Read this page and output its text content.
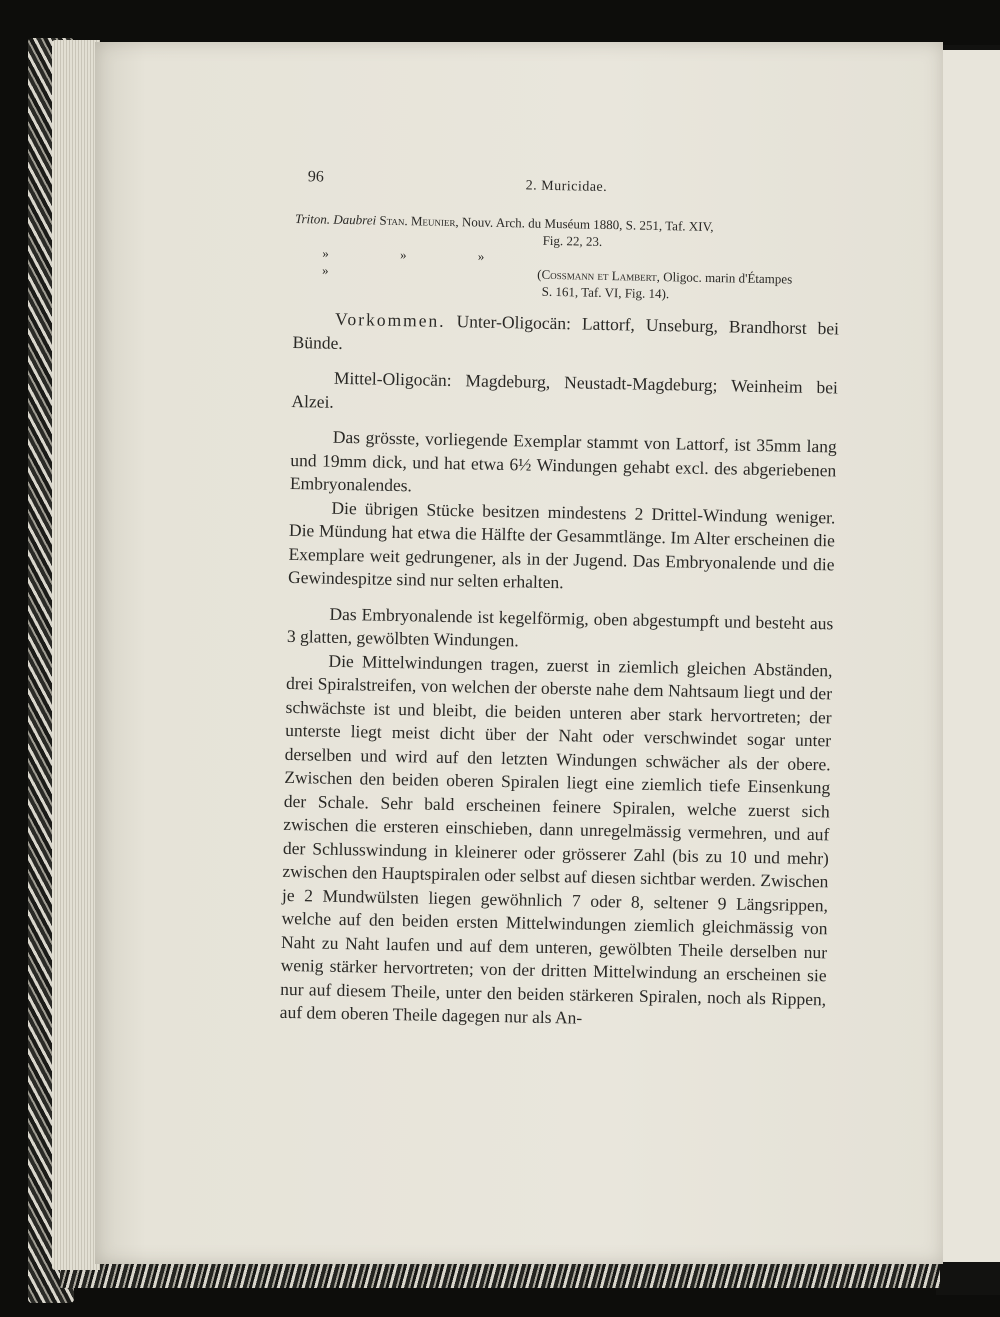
96
2. Muricidae.
Triton. Daubrei Stan. Meunier, Nouv. Arch. du Muséum 1880, S. 251, Taf. XIV,
Fig. 22, 23.
» » » »	(Cossmann et Lambert, Oligoc. marin d'Étampes
S. 161, Taf. VI, Fig. 14).

Vorkommen. Unter-Oligocän: Lattorf, Unseburg, Brandhorst bei Bünde.

Mittel-Oligocän: Magdeburg, Neustadt-Magdeburg; Weinheim bei Alzei.

Das grösste, vorliegende Exemplar stammt von Lattorf, ist 35mm lang und 19mm dick, und hat etwa 6½ Windungen gehabt excl. des abgeriebenen Embryonalendes.

Die übrigen Stücke besitzen mindestens 2 Drittel-Windung weniger. Die Mündung hat etwa die Hälfte der Gesammtlänge. Im Alter erscheinen die Exemplare weit gedrungener, als in der Jugend. Das Embryonalende und die Gewindespitze sind nur selten erhalten.

Das Embryonalende ist kegelförmig, oben abgestumpft und besteht aus 3 glatten, gewölbten Windungen.

Die Mittelwindungen tragen, zuerst in ziemlich gleichen Abständen, drei Spiralstreifen, von welchen der oberste nahe dem Nahtsaum liegt und der schwächste ist und bleibt, die beiden unteren aber stark hervortreten; der unterste liegt meist dicht über der Naht oder verschwindet sogar unter derselben und wird auf den letzten Windungen schwächer als der obere. Zwischen den beiden oberen Spiralen liegt eine ziemlich tiefe Einsenkung der Schale. Sehr bald erscheinen feinere Spiralen, welche zuerst sich zwischen die ersteren einschieben, dann unregelmässig vermehren, und auf der Schlusswindung in kleinerer oder grösserer Zahl (bis zu 10 und mehr) zwischen den Hauptspiralen oder selbst auf diesen sichtbar werden. Zwischen je 2 Mundwülsten liegen gewöhnlich 7 oder 8, seltener 9 Längsrippen, welche auf den beiden ersten Mittelwindungen ziemlich gleichmässig von Naht zu Naht laufen und auf dem unteren, gewölbten Theile derselben nur wenig stärker hervortreten; von der dritten Mittelwindung an erscheinen sie nur auf diesem Theile, unter den beiden stärkeren Spiralen, noch als Rippen, auf dem oberen Theile dagegen nur als An-
